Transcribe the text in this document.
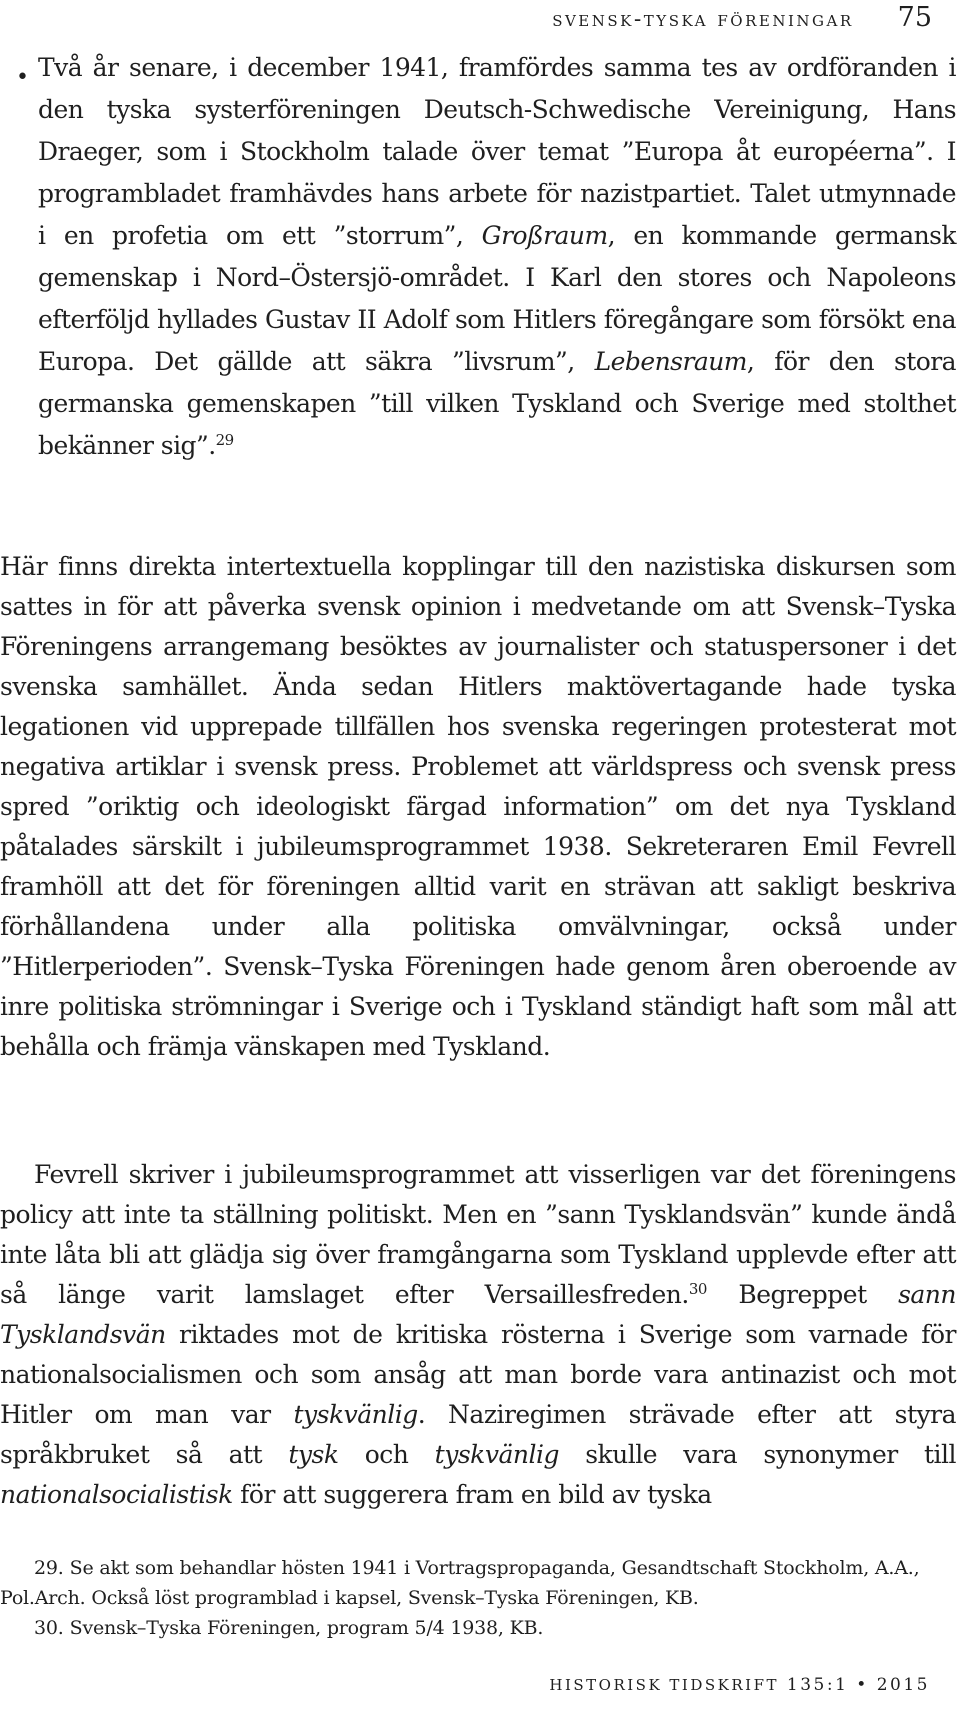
svensk-tyska föreningar 75
• Två år senare, i december 1941, framfördes samma tes av ordföranden i den tyska systerföreningen Deutsch-Schwedische Vereinigung, Hans Draeger, som i Stockholm talade över temat ”Europa åt européerna”. I programbladet framhävdes hans arbete för nazistpartiet. Talet utmynnade i en profetia om ett ”storrum”, Großraum, en kommande germansk gemenskap i Nord–Östersjö-området. I Karl den stores och Napoleons efterföljd hyllades Gustav II Adolf som Hitlers föregångare som försökt ena Europa. Det gällde att säkra ”livsrum”, Lebensraum, för den stora germanska gemenskapen ”till vilken Tyskland och Sverige med stolthet bekänner sig”.$^{29}$

Här finns direkta intertextuella kopplingar till den nazistiska diskursen som sattes in för att påverka svensk opinion i medvetande om att Svensk–Tyska Föreningens arrangemang besöktes av journalister och statuspersoner i det svenska samhället. Ända sedan Hitlers maktövertagande hade tyska legationen vid upprepade tillfällen hos svenska regeringen protesterat mot negativa artiklar i svensk press. Problemet att världspress och svensk press spred ”oriktig och ideologiskt färgad information” om det nya Tyskland påtalades särskilt i jubileumsprogrammet 1938. Sekreteraren Emil Fevrell framhöll att det för föreningen alltid varit en strävan att sakligt beskriva förhållandena under alla politiska omvälvningar, också under ”Hitlerperioden”. Svensk–Tyska Föreningen hade genom åren oberoende av inre politiska strömningar i Sverige och i Tyskland ständigt haft som mål att behålla och främja vänskapen med Tyskland.

Fevrell skriver i jubileumsprogrammet att visserligen var det föreningens policy att inte ta ställning politiskt. Men en ”sann Tysklandsvän” kunde ändå inte låta bli att glädja sig över framgångarna som Tyskland upplevde efter att så länge varit lamslaget efter Versaillesfreden.$^{30}$ Begreppet sann Tysklandsvän riktades mot de kritiska rösterna i Sverige som varnade för nationalsocialismen och som ansåg att man borde vara antinazist och mot Hitler om man var tyskvänlig. Naziregimen strävade efter att styra språkbruket så att tysk och tyskvänlig skulle vara synonymer till nationalsocialistisk för att suggerera fram en bild av tyska

29. Se akt som behandlar hösten 1941 i Vortragspropaganda, Gesandtschaft Stockholm, A.A., Pol.Arch. Också löst programblad i kapsel, Svensk–Tyska Föreningen, KB.
30. Svensk–Tyska Föreningen, program 5/4 1938, KB.
HISTORISK TIDSKRIFT 135:1 • 2015
